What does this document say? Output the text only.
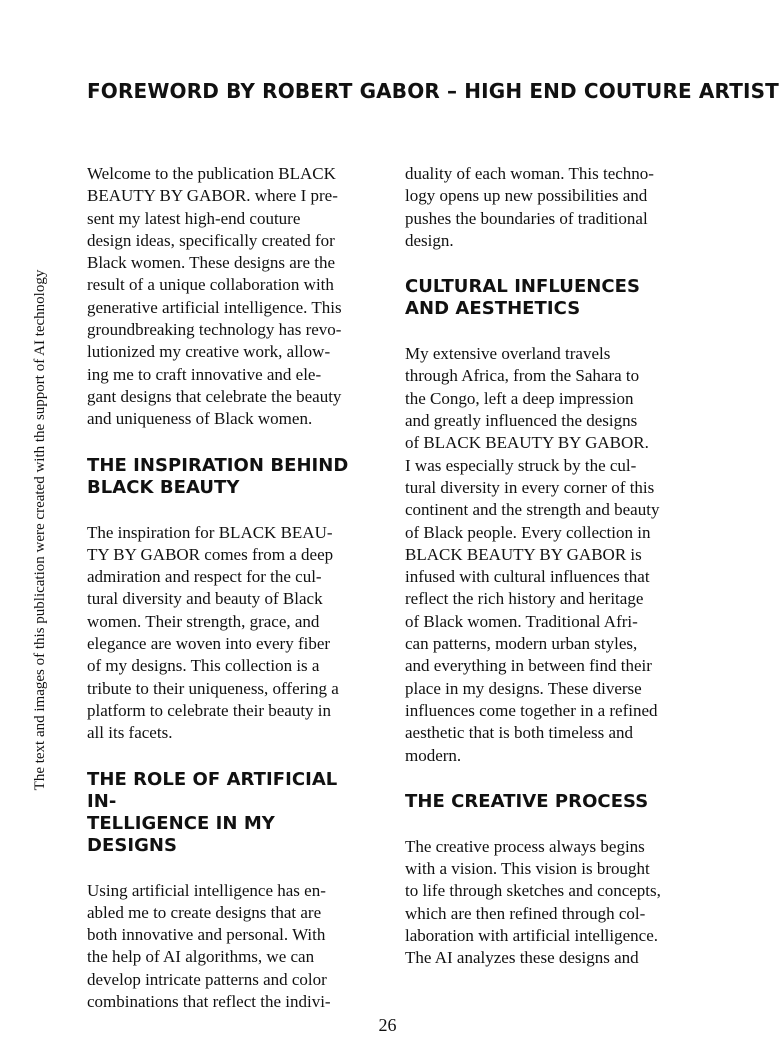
FOREWORD BY ROBERT GABOR – HIGH END COUTURE ARTIST
The text and images of this publication were created with the support of AI technology

Welcome to the publication BLACK
BEAUTY BY GABOR. where I pre-
sent my latest high-end couture
design ideas, specifically created for
Black women. These designs are the
result of a unique collaboration with
generative artificial intelligence. This
groundbreaking technology has revo-
lutionized my creative work, allow-
ing me to craft innovative and ele-
gant designs that celebrate the beauty
and uniqueness of Black women.

THE INSPIRATION BEHIND
BLACK BEAUTY

The inspiration for BLACK BEAU-
TY BY GABOR comes from a deep
admiration and respect for the cul-
tural diversity and beauty of Black
women. Their strength, grace, and
elegance are woven into every fiber
of my designs. This collection is a
tribute to their uniqueness, offering a
platform to celebrate their beauty in
all its facets.

THE ROLE OF ARTIFICIAL IN-
TELLIGENCE IN MY DESIGNS

Using artificial intelligence has en-
abled me to create designs that are
both innovative and personal. With
the help of AI algorithms, we can
develop intricate patterns and color
combinations that reflect the indivi-

duality of each woman. This techno-
logy opens up new possibilities and
pushes the boundaries of traditional
design.

CULTURAL INFLUENCES
AND AESTHETICS

My extensive overland travels
through Africa, from the Sahara to
the Congo, left a deep impression
and greatly influenced the designs
of BLACK BEAUTY BY GABOR.
I was especially struck by the cul-
tural diversity in every corner of this
continent and the strength and beauty
of Black people. Every collection in
BLACK BEAUTY BY GABOR is
infused with cultural influences that
reflect the rich history and heritage
of Black women. Traditional Afri-
can patterns, modern urban styles,
and everything in between find their
place in my designs. These diverse
influences come together in a refined
aesthetic that is both timeless and
modern.

THE CREATIVE PROCESS

The creative process always begins
with a vision. This vision is brought
to life through sketches and concepts,
which are then refined through col-
laboration with artificial intelligence.
The AI analyzes these designs and

26
